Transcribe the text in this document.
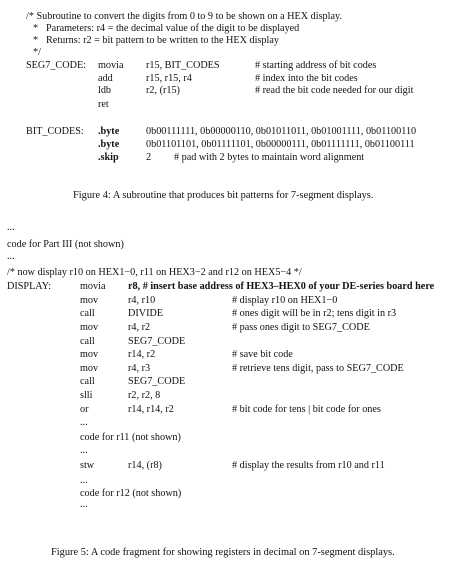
/* Subroutine to convert the digits from 0 to 9 to be shown on a HEX display.
* Parameters: r4 = the decimal value of the digit to be displayed
* Returns: r2 = bit pattern to be written to the HEX display
*/
SEG7_CODE: movia r15, BIT_CODES	# starting address of bit codes
add	r15, r15, r4	# index into the bit codes
ldb	r2, (r15)	# read the bit code needed for our digit
ret
BIT_CODES: .byte	0b00111111, 0b00000110, 0b01011011, 0b01001111, 0b01100110
.byte	0b01101101, 0b01111101, 0b00000111, 0b01111111, 0b01100111
.skip	2 # pad with 2 bytes to maintain word alignment
Figure 4: A subroutine that produces bit patterns for 7-segment displays.
...
code for Part III (not shown)
...
/* now display r10 on HEX1−0, r11 on HEX3−2 and r12 on HEX5−4 */
DISPLAY:	movia r8, # insert base address of HEX3–HEX0 of your DE-series board here
mov	r4, r10	# display r10 on HEX1−0
call	DIVIDE	# ones digit will be in r2; tens digit in r3
mov	r4, r2	# pass ones digit to SEG7_CODE
call	SEG7_CODE
mov	r14, r2	# save bit code
mov	r4, r3	# retrieve tens digit, pass to SEG7_CODE
call	SEG7_CODE
slli	r2, r2, 8
or	r14, r14, r2	# bit code for tens | bit code for ones
...
code for r11 (not shown)
...
stw	r14, (r8)	# display the results from r10 and r11
...
code for r12 (not shown)
...
Figure 5: A code fragment for showing registers in decimal on 7-segment displays.
